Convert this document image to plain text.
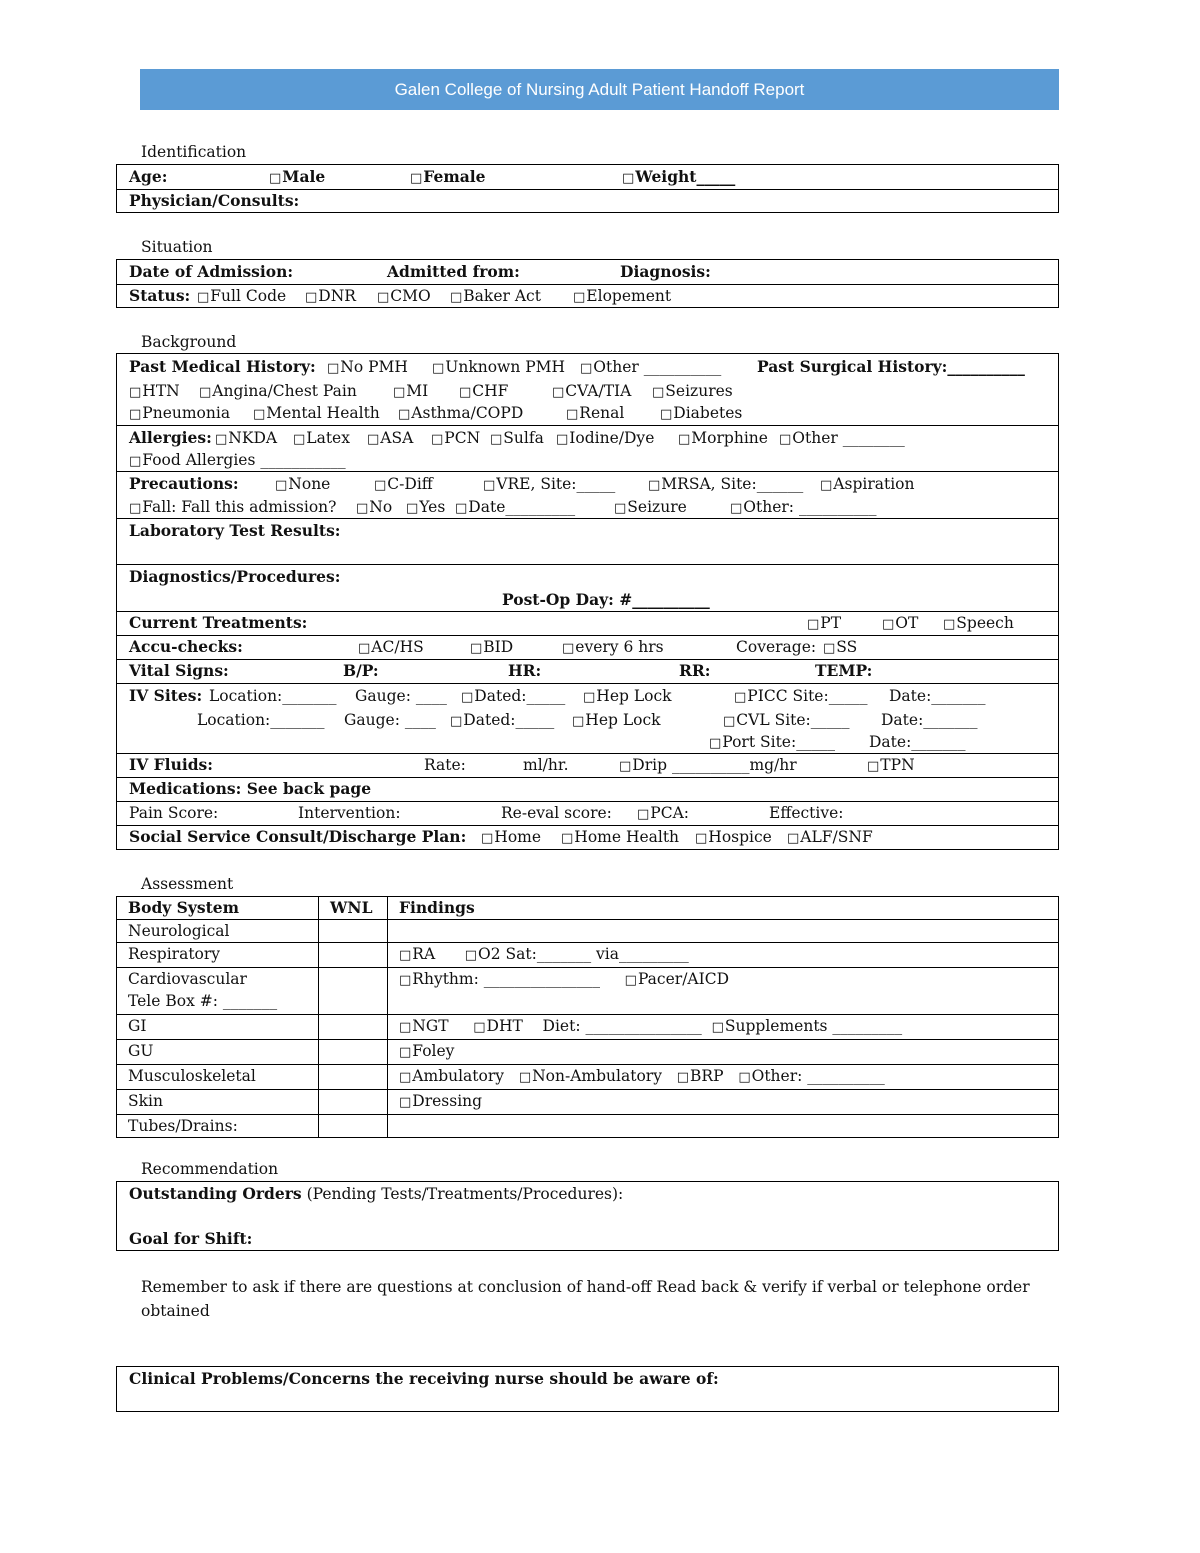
Galen College of Nursing Adult Patient Handoff Report
Identification
Age:	□ Male	□ Female	□ Weight_____
Physician/Consults:
Situation
Date of Admission:	Admitted from:	Diagnosis:
Status:	□ Full Code	□ DNR	□ CMO	□ Baker Act	□ Elopement
Background
Past Medical History:	□ No PMH	□ Unknown PMH	□ Other __________ Past Surgical History:__________
□ HTN	□ Angina/Chest Pain	□ MI	□ CHF	□ CVA/TIA	□ Seizures
□ Pneumonia	□ Mental Health	□ Asthma/COPD	□ Renal	□ Diabetes
Allergies:	□ NKDA	□ Latex	□ ASA	□ PCN	□ Sulfa	□ Iodine/Dye	□ Morphine	□ Other ________
□ Food Allergies ___________
Precautions:	□ None	□ C-Diff	□ VRE, Site:_____	□ MRSA, Site:______	□ Aspiration
□ Fall: Fall this admission?	□ No	□ Yes	□ Date_________	□ Seizure	□ Other: __________
Laboratory Test Results:
Diagnostics/Procedures:
Post-Op Day: #__________
Current Treatments:	□ PT	□ OT	□ Speech
Accu-checks:	□ AC/HS	□ BID	□ every 6 hrs	Coverage:	□ SS
Vital Signs:	B/P:	HR:	RR:	TEMP:
IV Sites: Location:_______ Gauge: ____	□ Dated:_____	□ Hep Lock	□ PICC Site:_____ Date:_______
Location:_______ Gauge: ____	□ Dated:_____	□ Hep Lock	□ CVL Site:_____ Date:_______
□ Port Site:_____ Date:_______
IV Fluids:	Rate:	ml/hr.	□ Drip __________mg/hr	□ TPN
Medications: See back page
Pain Score:	Intervention:	Re-eval score:	□ PCA:	Effective:
Social Service Consult/Discharge Plan:	□ Home	□ Home Health	□ Hospice	□ ALF/SNF
Assessment
Body System	WNL	Findings
Neurological		
Respiratory		□ RA □ O2 Sat:_______ via_________

Cardiovascular
Tele Box #: _______		□ Rhythm: _______________ □ Pacer/AICD
GI		□ NGT □ DHT Diet: _______________ □ Supplements _________
GU		□ Foley
Musculoskeletal		□ Ambulatory □ Non-Ambulatory □ BRP □ Other: __________
Skin		□ Dressing
Tubes/Drains:		
Recommendation
Outstanding Orders (Pending Tests/Treatments/Procedures):
Goal for Shift:
Remember to ask if there are questions at conclusion of hand-off Read back & verify if verbal or telephone order obtained
Clinical Problems/Concerns the receiving nurse should be aware of:
